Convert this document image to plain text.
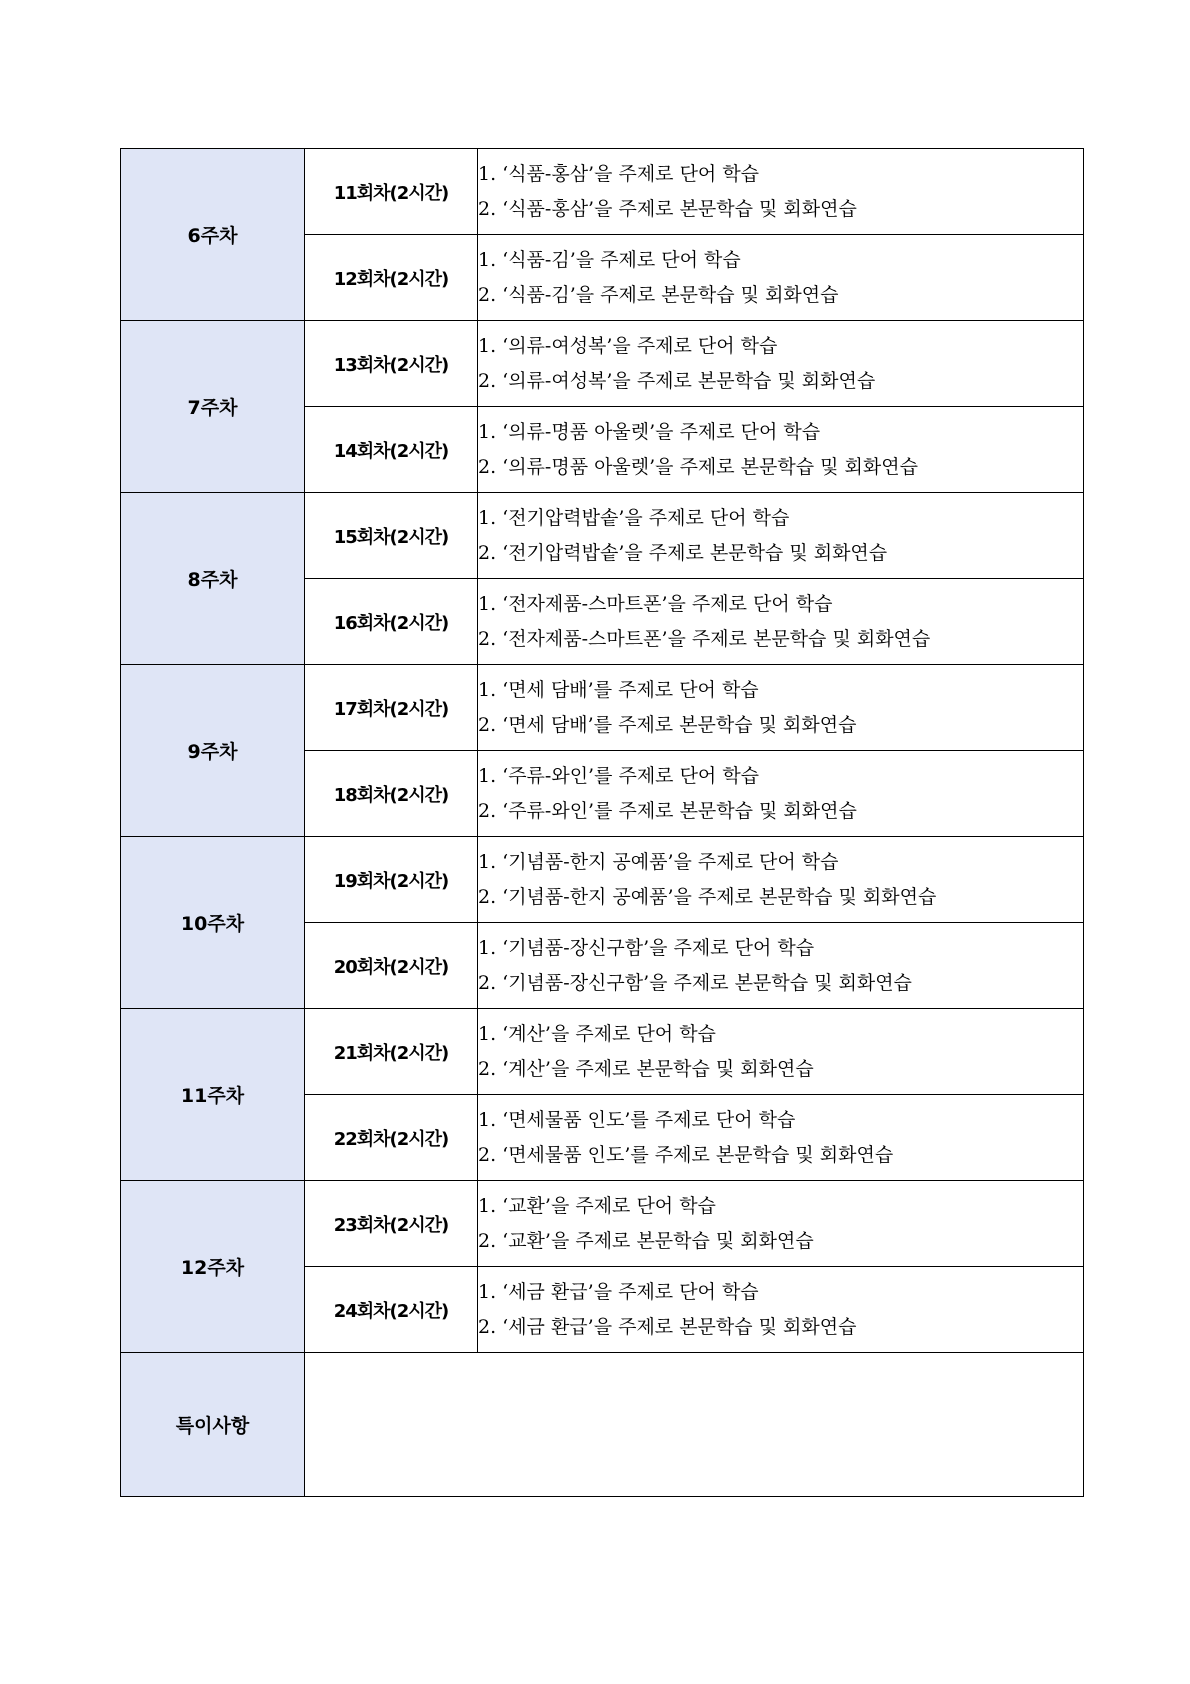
6주차	11회차(2시간)	1. ‘식품-홍삼’을 주제로 단어 학습
2. ‘식품-홍삼’을 주제로 본문학습 및 회화연습

	12회차(2시간)	1. ‘식품-김’을 주제로 단어 학습
2. ‘식품-김’을 주제로 본문학습 및 회화연습

7주차	13회차(2시간)	1. ‘의류-여성복’을 주제로 단어 학습
2. ‘의류-여성복’을 주제로 본문학습 및 회화연습

	14회차(2시간)	1. ‘의류-명품 아울렛’을 주제로 단어 학습
2. ‘의류-명품 아울렛’을 주제로 본문학습 및 회화연습

8주차	15회차(2시간)	1. ‘전기압력밥솥’을 주제로 단어 학습
2. ‘전기압력밥솥’을 주제로 본문학습 및 회화연습

	16회차(2시간)	1. ‘전자제품-스마트폰’을 주제로 단어 학습
2. ‘전자제품-스마트폰’을 주제로 본문학습 및 회화연습

9주차	17회차(2시간)	1. ‘면세 담배’를 주제로 단어 학습
2. ‘면세 담배’를 주제로 본문학습 및 회화연습

	18회차(2시간)	1. ‘주류-와인’를 주제로 단어 학습
2. ‘주류-와인’를 주제로 본문학습 및 회화연습

10주차	19회차(2시간)	1. ‘기념품-한지 공예품’을 주제로 단어 학습
2. ‘기념품-한지 공예품’을 주제로 본문학습 및 회화연습

	20회차(2시간)	1. ‘기념품-장신구함’을 주제로 단어 학습
2. ‘기념품-장신구함’을 주제로 본문학습 및 회화연습

11주차	21회차(2시간)	1. ‘계산’을 주제로 단어 학습
2. ‘계산’을 주제로 본문학습 및 회화연습

	22회차(2시간)	1. ‘면세물품 인도’를 주제로 단어 학습
2. ‘면세물품 인도’를 주제로 본문학습 및 회화연습

12주차	23회차(2시간)	1. ‘교환’을 주제로 단어 학습
2. ‘교환’을 주제로 본문학습 및 회화연습

	24회차(2시간)	1. ‘세금 환급’을 주제로 단어 학습
2. ‘세금 환급’을 주제로 본문학습 및 회화연습

특이사항		
